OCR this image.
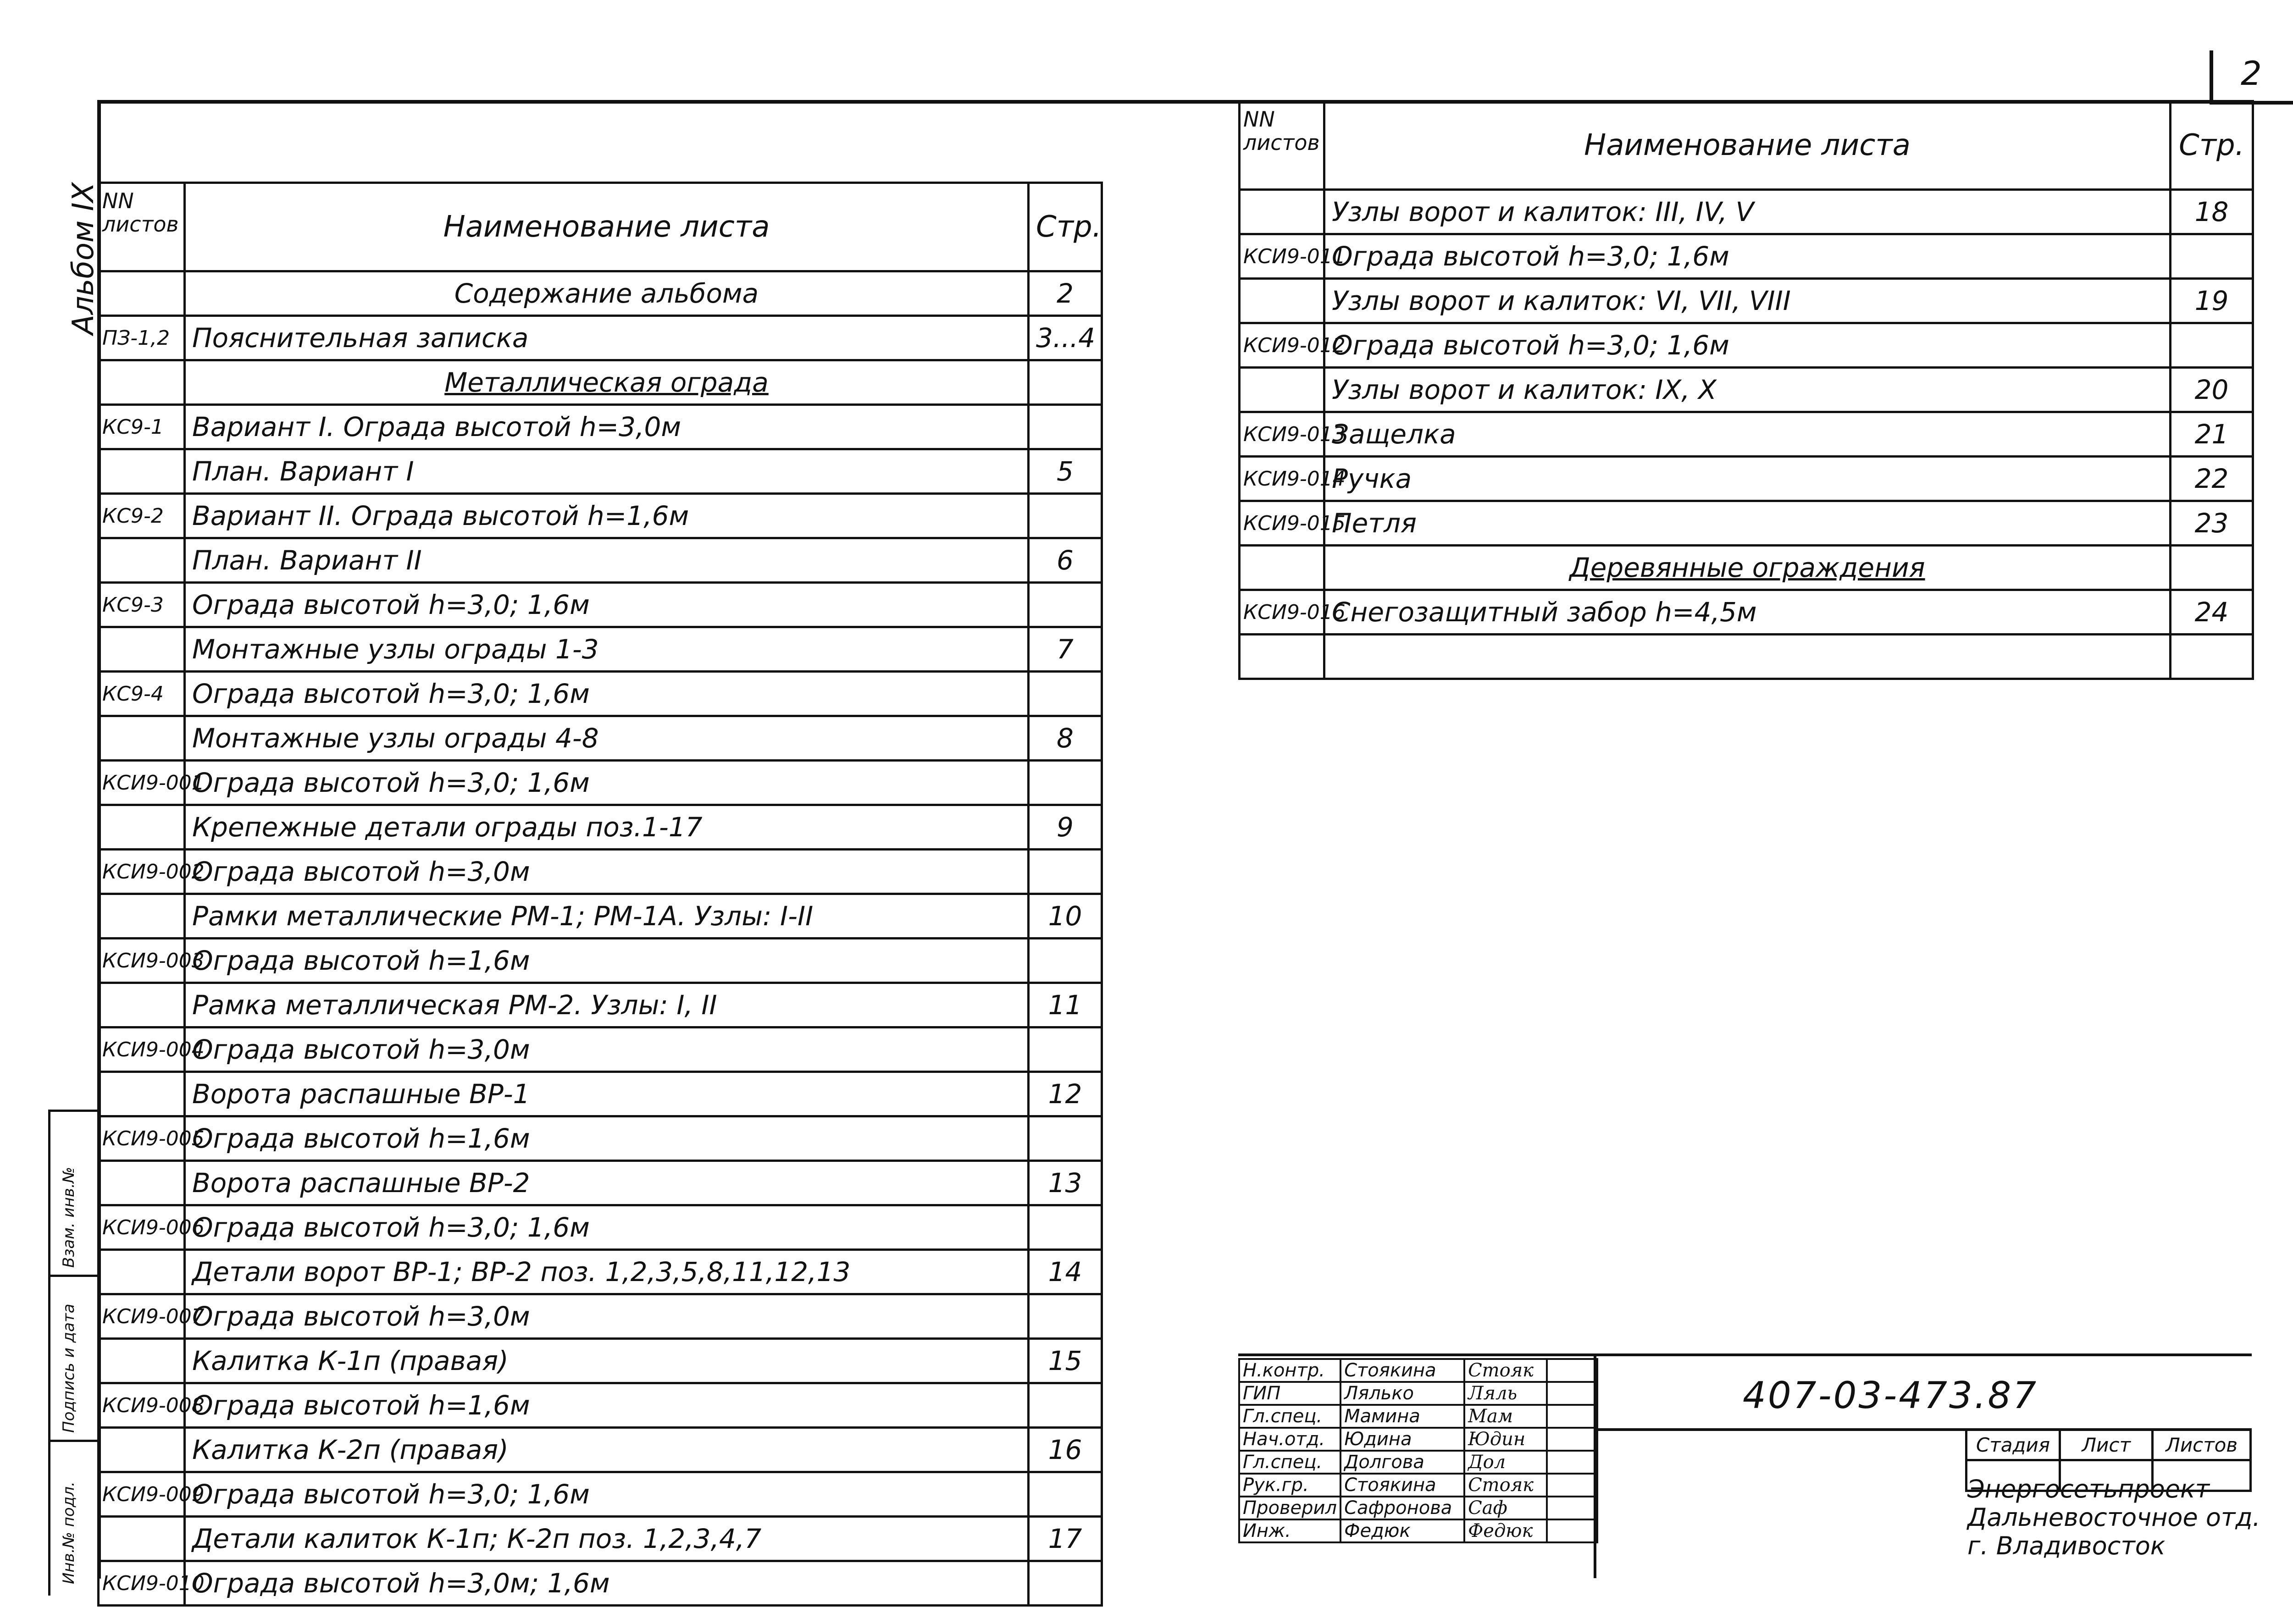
2
Альбом IX NN листов	Наименование листа	Стр.
	Содержание альбома	2
ПЗ-1,2	Пояснительная записка	3...4
	Металлическая ограда	
КС9-1	Вариант I. Ограда высотой h=3,0м	
	План. Вариант I	5
КС9-2	Вариант II. Ограда высотой h=1,6м	
	План. Вариант II	6
КС9-3	Ограда высотой h=3,0; 1,6м	
	Монтажные узлы ограды 1-3	7
КС9-4	Ограда высотой h=3,0; 1,6м	
	Монтажные узлы ограды 4-8	8
КСИ9-001	Ограда высотой h=3,0; 1,6м	
	Крепежные детали ограды поз.1-17	9
КСИ9-002	Ограда высотой h=3,0м	
	Рамки металлические РМ-1; РМ-1А. Узлы: I-II	10
КСИ9-003	Ограда высотой h=1,6м	
	Рамка металлическая РМ-2. Узлы: I, II	11
КСИ9-004	Ограда высотой h=3,0м	
	Ворота распашные ВР-1	12
КСИ9-005	Ограда высотой h=1,6м	
	Ворота распашные ВР-2	13
КСИ9-006	Ограда высотой h=3,0; 1,6м	
	Детали ворот ВР-1; ВР-2 поз. 1,2,3,5,8,11,12,13	14
КСИ9-007	Ограда высотой h=3,0м	
	Калитка К-1п (правая)	15
КСИ9-008	Ограда высотой h=1,6м	
	Калитка К-2п (правая)	16
КСИ9-009	Ограда высотой h=3,0; 1,6м	
	Детали калиток К-1п; К-2п поз. 1,2,3,4,7	17
КСИ9-010	Ограда высотой h=3,0м; 1,6м	
NN листов	Наименование листа	Стр.
	Узлы ворот и калиток: III, IV, V	18
КСИ9-011	Ограда высотой h=3,0; 1,6м	
	Узлы ворот и калиток: VI, VII, VIII	19
КСИ9-012	Ограда высотой h=3,0; 1,6м	
	Узлы ворот и калиток: IX, X	20
КСИ9-013	Защелка	21
КСИ9-014	Ручка	22
КСИ9-015	Петля	23
	Деревянные ограждения	
КСИ9-016	Снегозащитный забор h=4,5м	24

Взам. инв.№
Подпись и дата
Инв.№ подл.
Н.контр.	Стоякина	Стояк	
ГИП	Лялько	Ляль	
Гл.спец.	Мамина	Мам	
Нач.отд.	Юдина	Юдин	
Гл.спец.	Долгова	Дол	
Рук.гр.	Стоякина	Стояк	
Проверил	Сафронова	Саф	
Инж.	Федюк	Федюк	
407-03-473.87
Стадия	Лист	Листов

Энергосетьпроект
Дальневосточное отд.
г. Владивосток
